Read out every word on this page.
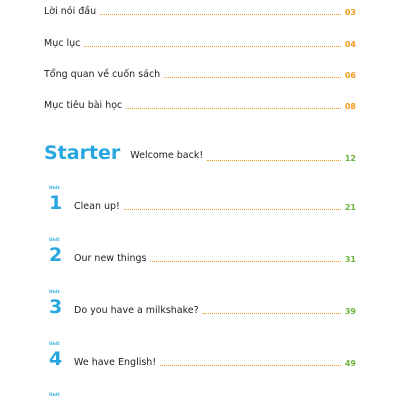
Lời nói đầu	03
Mục lục	04
Tổng quan về cuốn sách	06
Mục tiêu bài học	08
Starter Welcome back!	12
Unit
1 Clean up!	21
Unit
2 Our new things	31
Unit
3 Do you have a milkshake?	39
Unit
4 We have English!	49
Unit
